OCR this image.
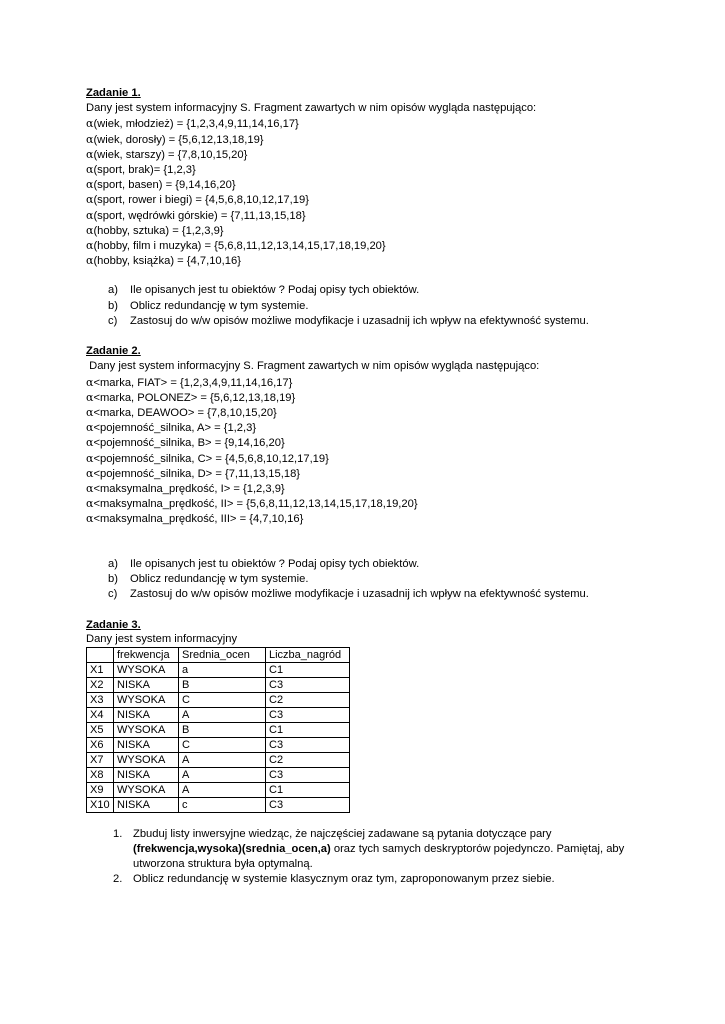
Zadanie 1.
Dany jest system informacyjny S. Fragment zawartych w nim opisów wygląda następująco:
α(wiek, młodzież) = {1,2,3,4,9,11,14,16,17}
α(wiek, dorosły) = {5,6,12,13,18,19}
α(wiek, starszy) = {7,8,10,15,20}
α(sport, brak)= {1,2,3}
α(sport, basen) = {9,14,16,20}
α(sport, rower i biegi) = {4,5,6,8,10,12,17,19}
α(sport, wędrówki górskie) = {7,11,13,15,18}
α(hobby, sztuka) = {1,2,3,9}
α(hobby, film i muzyka) = {5,6,8,11,12,13,14,15,17,18,19,20}
α(hobby, książka) = {4,7,10,16}
a) Ile opisanych jest tu obiektów ? Podaj opisy tych obiektów.
b) Oblicz redundancję w tym systemie.
c) Zastosuj do w/w opisów możliwe modyfikacje i uzasadnij ich wpływ na efektywność systemu.
Zadanie 2.
Dany jest system informacyjny S. Fragment zawartych w nim opisów wygląda następująco:
α<marka, FIAT> = {1,2,3,4,9,11,14,16,17}
α<marka, POLONEZ> = {5,6,12,13,18,19}
α<marka, DEAWOO> = {7,8,10,15,20}
α<pojemność_silnika, A> = {1,2,3}
α<pojemność_silnika, B> = {9,14,16,20}
α<pojemność_silnika, C> = {4,5,6,8,10,12,17,19}
α<pojemność_silnika, D> = {7,11,13,15,18}
α<maksymalna_prędkość, I> = {1,2,3,9}
α<maksymalna_prędkość, II> = {5,6,8,11,12,13,14,15,17,18,19,20}
α<maksymalna_prędkość, III> = {4,7,10,16}
a) Ile opisanych jest tu obiektów ? Podaj opisy tych obiektów.
b) Oblicz redundancję w tym systemie.
c) Zastosuj do w/w opisów możliwe modyfikacje i uzasadnij ich wpływ na efektywność systemu.
Zadanie 3.
Dany jest system informacyjny
	frekwencja	Srednia_ocen	Liczba_nagród
X1	WYSOKA	a	C1
X2	NISKA	B	C3
X3	WYSOKA	C	C2
X4	NISKA	A	C3
X5	WYSOKA	B	C1
X6	NISKA	C	C3
X7	WYSOKA	A	C2
X8	NISKA	A	C3
X9	WYSOKA	A	C1
X10	NISKA	c	C3
1. Zbuduj listy inwersyjne wiedząc, że najczęściej zadawane są pytania dotyczące pary
(frekwencja,wysoka)(srednia_ocen,a) oraz tych samych deskryptorów pojedynczo. Pamiętaj, aby utworzona struktura była optymalną.
2. Oblicz redundancję w systemie klasycznym oraz tym, zaproponowanym przez siebie.
